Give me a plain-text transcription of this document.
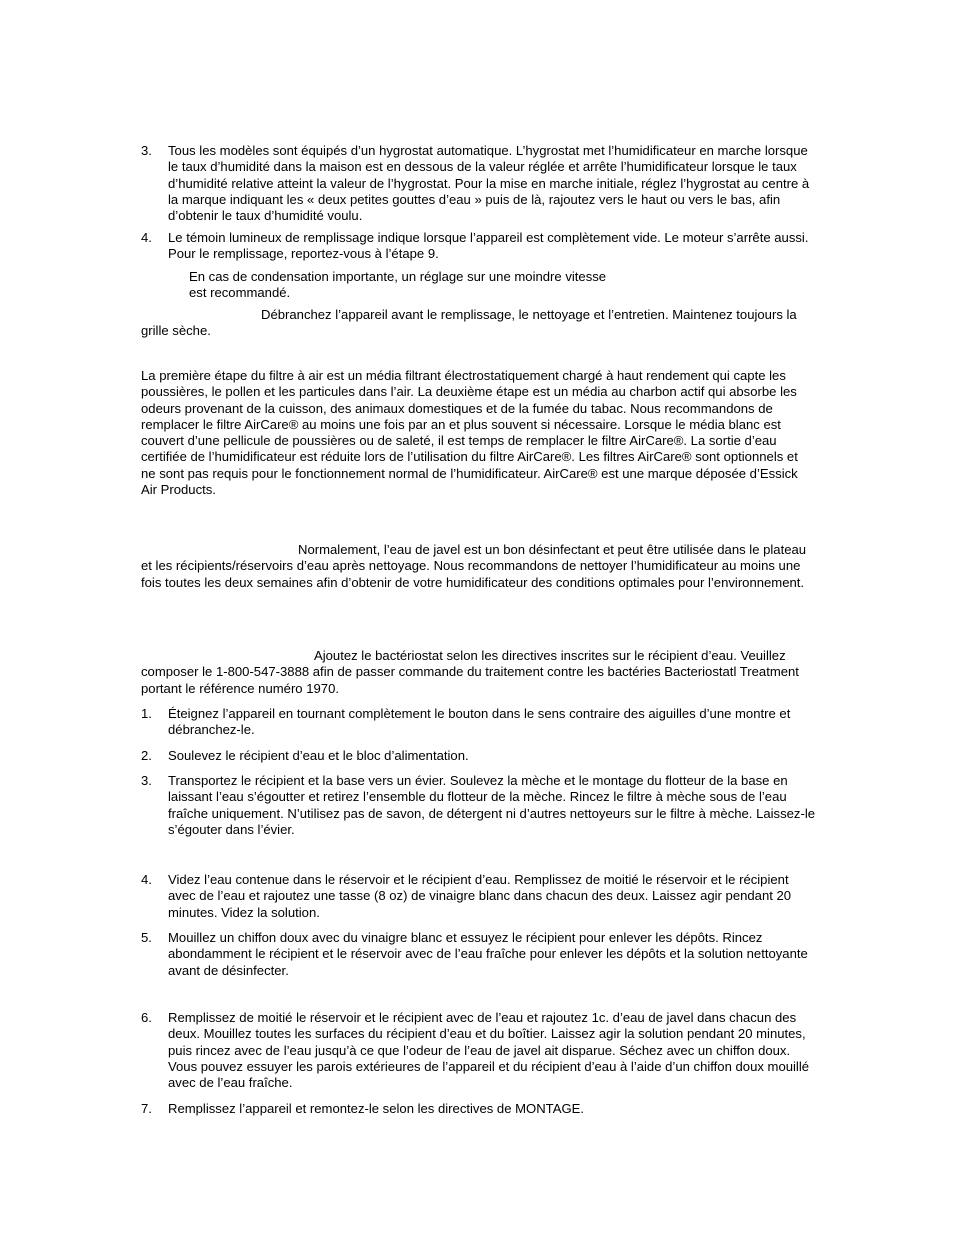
3. Tous les modèles sont équipés d’un hygrostat automatique. L’hygrostat met l’humidificateur en marche lorsque le taux d’humidité dans la maison est en dessous de la valeur réglée et arrête l’humidificateur lorsque le taux d’humidité relative atteint la valeur de l’hygrostat. Pour la mise en marche initiale, réglez l’hygrostat au centre à la marque indiquant les « deux petites gouttes d’eau » puis de là, rajoutez vers le haut ou vers le bas, afin d’obtenir le taux d’humidité voulu.

4. Le témoin lumineux de remplissage indique lorsque l’appareil est complètement vide. Le moteur s’arrête aussi. Pour le remplissage, reportez-vous à l’étape 9.

En cas de condensation importante, un réglage sur une moindre vitesse est recommandé.

Débranchez l’appareil avant le remplissage, le nettoyage et l’entretien. Maintenez toujours la grille sèche.

La première étape du filtre à air est un média filtrant électrostatiquement chargé à haut rendement qui capte les poussières, le pollen et les particules dans l’air. La deuxième étape est un média au charbon actif qui absorbe les odeurs provenant de la cuisson, des animaux domestiques et de la fumée du tabac. Nous recommandons de remplacer le filtre AirCare® au moins une fois par an et plus souvent si nécessaire. Lorsque le média blanc est couvert d’une pellicule de poussières ou de saleté, il est temps de remplacer le filtre AirCare®. La sortie d’eau certifiée de l’humidificateur est réduite lors de l’utilisation du filtre AirCare®. Les filtres AirCare® sont optionnels et ne sont pas requis pour le fonctionnement normal de l’humidificateur. AirCare® est une marque déposée d’Essick Air Products.

Normalement, l’eau de javel est un bon désinfectant et peut être utilisée dans le plateau et les récipients/réservoirs d’eau après nettoyage. Nous recommandons de nettoyer l’humidificateur au moins une fois toutes les deux semaines afin d’obtenir de votre humidificateur des conditions optimales pour l’environnement.

Ajoutez le bactériostat selon les directives inscrites sur le récipient d’eau. Veuillez composer le 1-800-547-3888 afin de passer commande du traitement contre les bactéries Bacteriostatl Treatment portant le référence numéro 1970.

1. Éteignez l’appareil en tournant complètement le bouton dans le sens contraire des aiguilles d’une montre et débranchez-le.

2. Soulevez le récipient d’eau et le bloc d’alimentation.

3. Transportez le récipient et la base vers un évier. Soulevez la mèche et le montage du flotteur de la base en laissant l’eau s’égoutter et retirez l’ensemble du flotteur de la mèche. Rincez le filtre à mèche sous de l’eau fraîche uniquement. N’utilisez pas de savon, de détergent ni d’autres nettoyeurs sur le filtre à mèche. Laissez-le s’égouter dans l’évier.

4. Videz l’eau contenue dans le réservoir et le récipient d’eau. Remplissez de moitié le réservoir et le récipient avec de l’eau et rajoutez une tasse (8 oz) de vinaigre blanc dans chacun des deux. Laissez agir pendant 20 minutes. Videz la solution.

5. Mouillez un chiffon doux avec du vinaigre blanc et essuyez le récipient pour enlever les dépôts. Rincez abondamment le récipient et le réservoir avec de l’eau fraîche pour enlever les dépôts et la solution nettoyante avant de désinfecter.

6. Remplissez de moitié le réservoir et le récipient avec de l’eau et rajoutez 1c. d’eau de javel dans chacun des deux. Mouillez toutes les surfaces du récipient d’eau et du boîtier. Laissez agir la solution pendant 20 minutes, puis rincez avec de l’eau jusqu’à ce que l’odeur de l’eau de javel ait disparue. Séchez avec un chiffon doux. Vous pouvez essuyer les parois extérieures de l’appareil et du récipient d’eau à l’aide d’un chiffon doux mouillé avec de l’eau fraîche.

7. Remplissez l’appareil et remontez-le selon les directives de MONTAGE.
